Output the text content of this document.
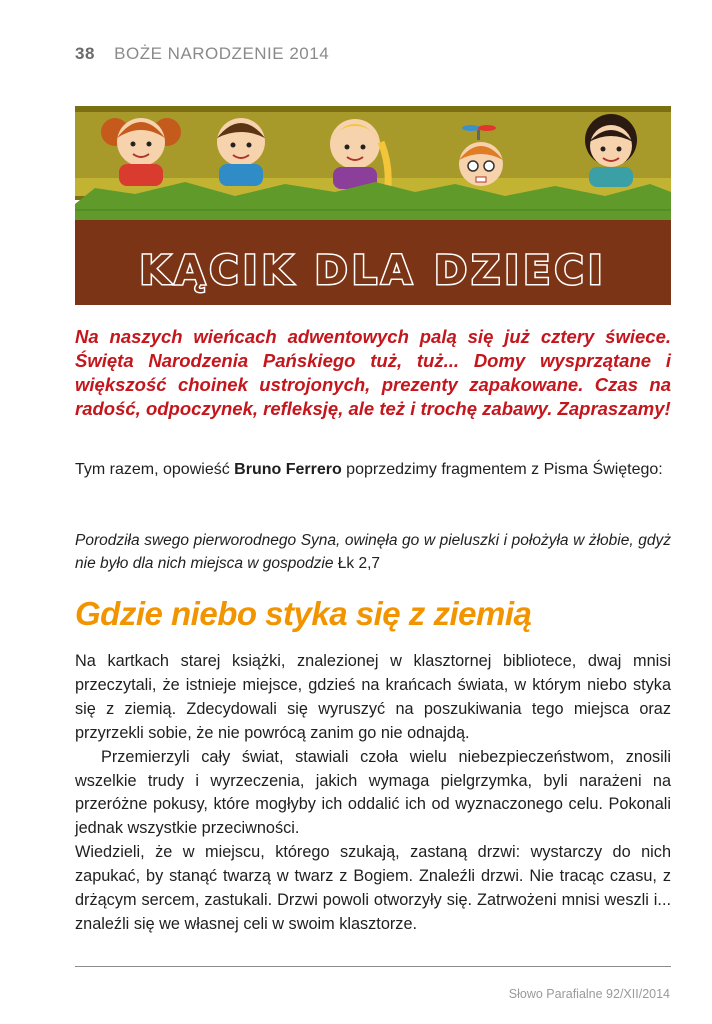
38 BOŻE NARODZENIE 2014
KĄCIK DLA DZIECI

Na naszych wieńcach adwentowych palą się już cztery świece. Święta Narodzenia Pańskiego tuż, tuż... Domy wysprzątane i większość choinek ustrojonych, prezenty zapakowane. Czas na radość, odpoczynek, refleksję, ale też i trochę zabawy. Zapraszamy!

Tym razem, opowieść Bruno Ferrero poprzedzimy fragmentem z Pisma Świętego:

Porodziła swego pierworodnego Syna, owinęła go w pieluszki i położyła w żłobie, gdyż nie było dla nich miejsca w gospodzie Łk 2,7

Gdzie niebo styka się z ziemią

Na kartkach starej książki, znalezionej w klasztornej bibliotece, dwaj mnisi przeczytali, że istnieje miejsce, gdzieś na krańcach świata, w którym niebo styka się z ziemią. Zdecydowali się wyruszyć na poszukiwania tego miejsca oraz przyrzekli sobie, że nie powrócą zanim go nie odnajdą.

Przemierzyli cały świat, stawiali czoła wielu niebezpieczeństwom, znosili wszelkie trudy i wyrzeczenia, jakich wymaga pielgrzymka, byli narażeni na przeróżne pokusy, które mogłyby ich oddalić ich od wyznaczonego celu. Pokonali jednak wszystkie przeciwności.

Wiedzieli, że w miejscu, którego szukają, zastaną drzwi: wystarczy do nich zapukać, by stanąć twarzą w twarz z Bogiem. Znaleźli drzwi. Nie tracąc czasu, z drżącym sercem, zastukali. Drzwi powoli otworzyły się. Zatrwożeni mnisi weszli i... znaleźli się we własnej celi w swoim klasztorze.

Słowo Parafialne 92/XII/2014
